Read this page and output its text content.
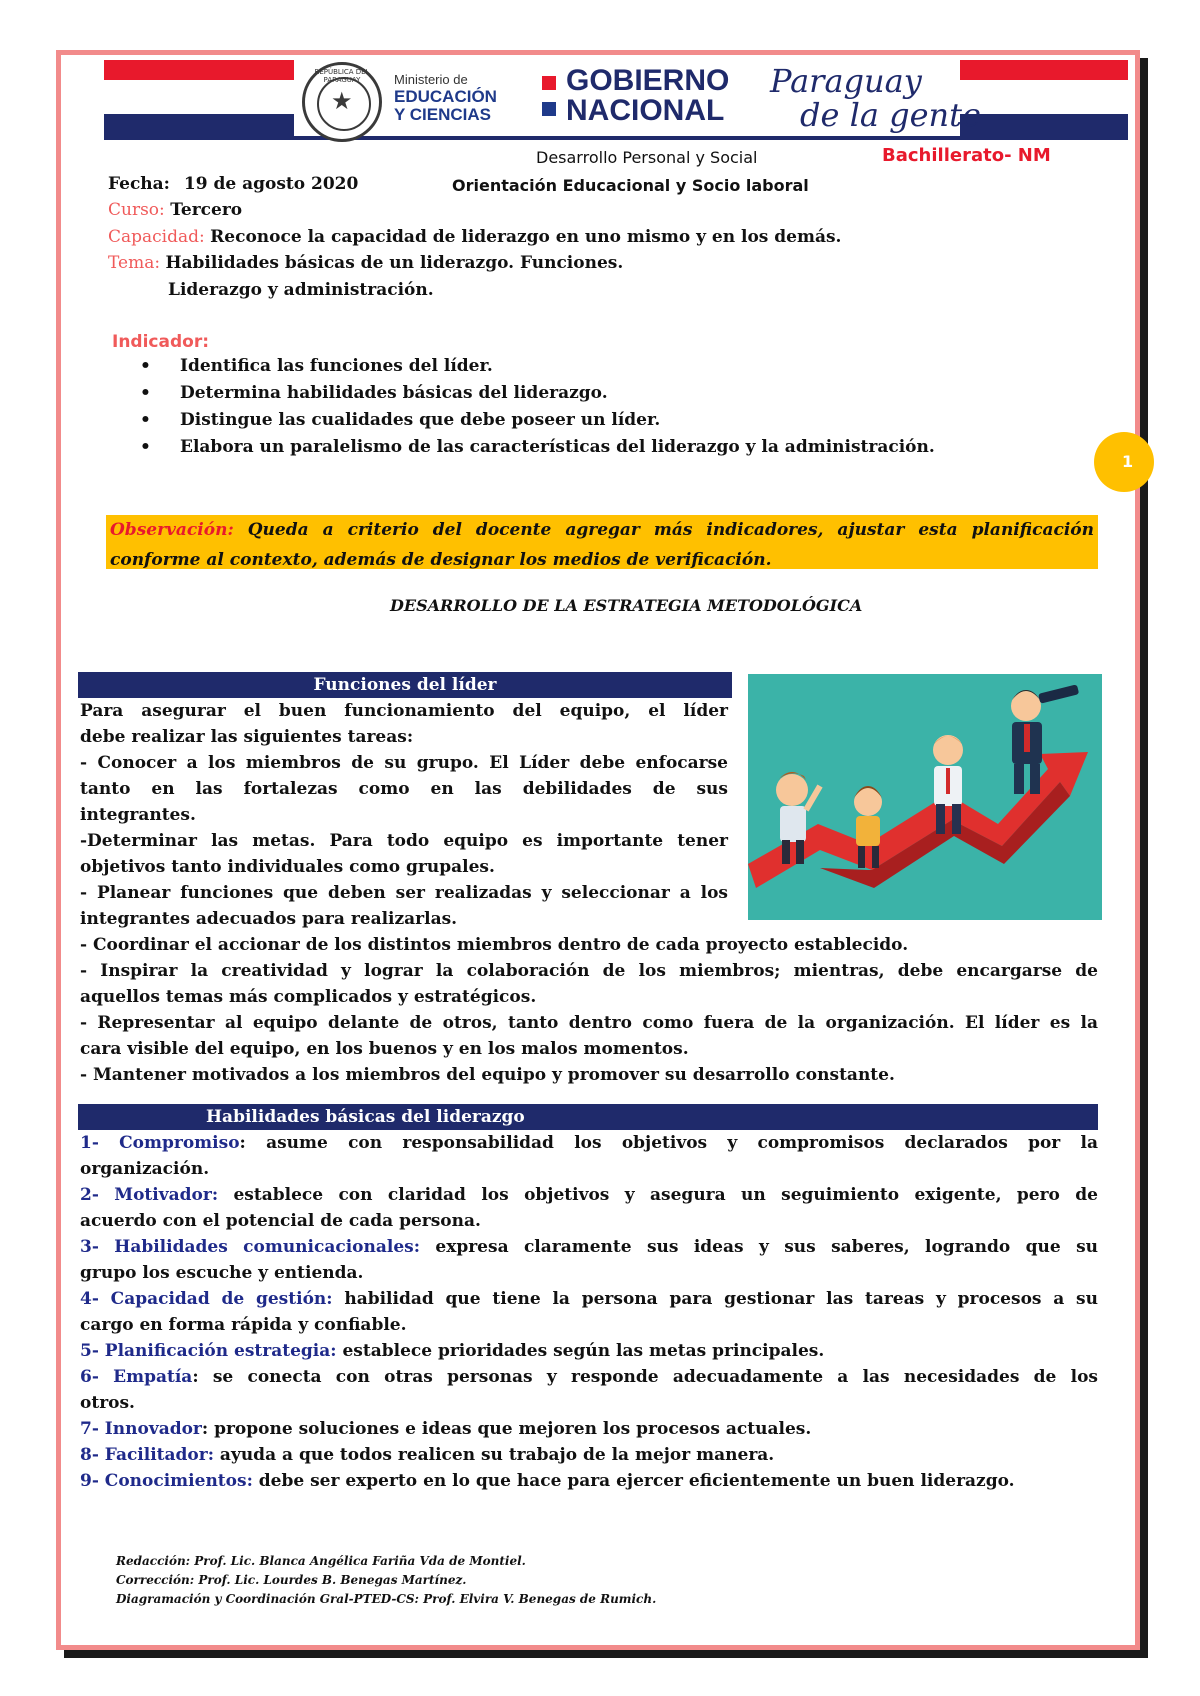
REPÚBLICA DEL PARAGUAY
★
Ministerio de
EDUCACIÓN
Y CIENCIAS
GOBIERNO
NACIONAL
Paraguay
de la gente
Desarrollo Personal y Social	Bachillerato- NM
Orientación Educacional y Socio laboral
Fecha: 19 de agosto 2020
Curso: Tercero
Capacidad: Reconoce la capacidad de liderazgo en uno mismo y en los demás.
Tema: Habilidades básicas de un liderazgo. Funciones.
Liderazgo y administración.
Indicador:
• Identifica las funciones del líder.
• Determina habilidades básicas del liderazgo.
• Distingue las cualidades que debe poseer un líder.
• Elabora un paralelismo de las características del liderazgo y la administración.
1

Observación: Queda a criterio del docente agregar más indicadores, ajustar esta planificación

conforme al contexto, además de designar los medios de verificación.

DESARROLLO DE LA ESTRATEGIA METODOLÓGICA
Funciones del líder

Para asegurar el buen funcionamiento del equipo, el líder

debe realizar las siguientes tareas:

- Conocer a los miembros de su grupo. El Líder debe enfocarse

tanto en las fortalezas como en las debilidades de sus

integrantes.

-Determinar las metas. Para todo equipo es importante tener

objetivos tanto individuales como grupales.

- Planear funciones que deben ser realizadas y seleccionar a los

integrantes adecuados para realizarlas.

- Coordinar el accionar de los distintos miembros dentro de cada proyecto establecido.

- Inspirar la creatividad y lograr la colaboración de los miembros; mientras, debe encargarse de

aquellos temas más complicados y estratégicos.

- Representar al equipo delante de otros, tanto dentro como fuera de la organización. El líder es la

cara visible del equipo, en los buenos y en los malos momentos.

- Mantener motivados a los miembros del equipo y promover su desarrollo constante.

Habilidades básicas del liderazgo

1- Compromiso: asume con responsabilidad los objetivos y compromisos declarados por la

organización.

2- Motivador: establece con claridad los objetivos y asegura un seguimiento exigente, pero de

acuerdo con el potencial de cada persona.

3- Habilidades comunicacionales: expresa claramente sus ideas y sus saberes, logrando que su

grupo los escuche y entienda.

4- Capacidad de gestión: habilidad que tiene la persona para gestionar las tareas y procesos a su

cargo en forma rápida y confiable.

5- Planificación estrategia: establece prioridades según las metas principales.

6- Empatía: se conecta con otras personas y responde adecuadamente a las necesidades de los

otros.

7- Innovador: propone soluciones e ideas que mejoren los procesos actuales.

8- Facilitador: ayuda a que todos realicen su trabajo de la mejor manera.

9- Conocimientos: debe ser experto en lo que hace para ejercer eficientemente un buen liderazgo.

Redacción: Prof. Lic. Blanca Angélica Fariña Vda de Montiel.
Corrección: Prof. Lic. Lourdes B. Benegas Martínez.
Diagramación y Coordinación Gral-PTED-CS: Prof. Elvira V. Benegas de Rumich.
